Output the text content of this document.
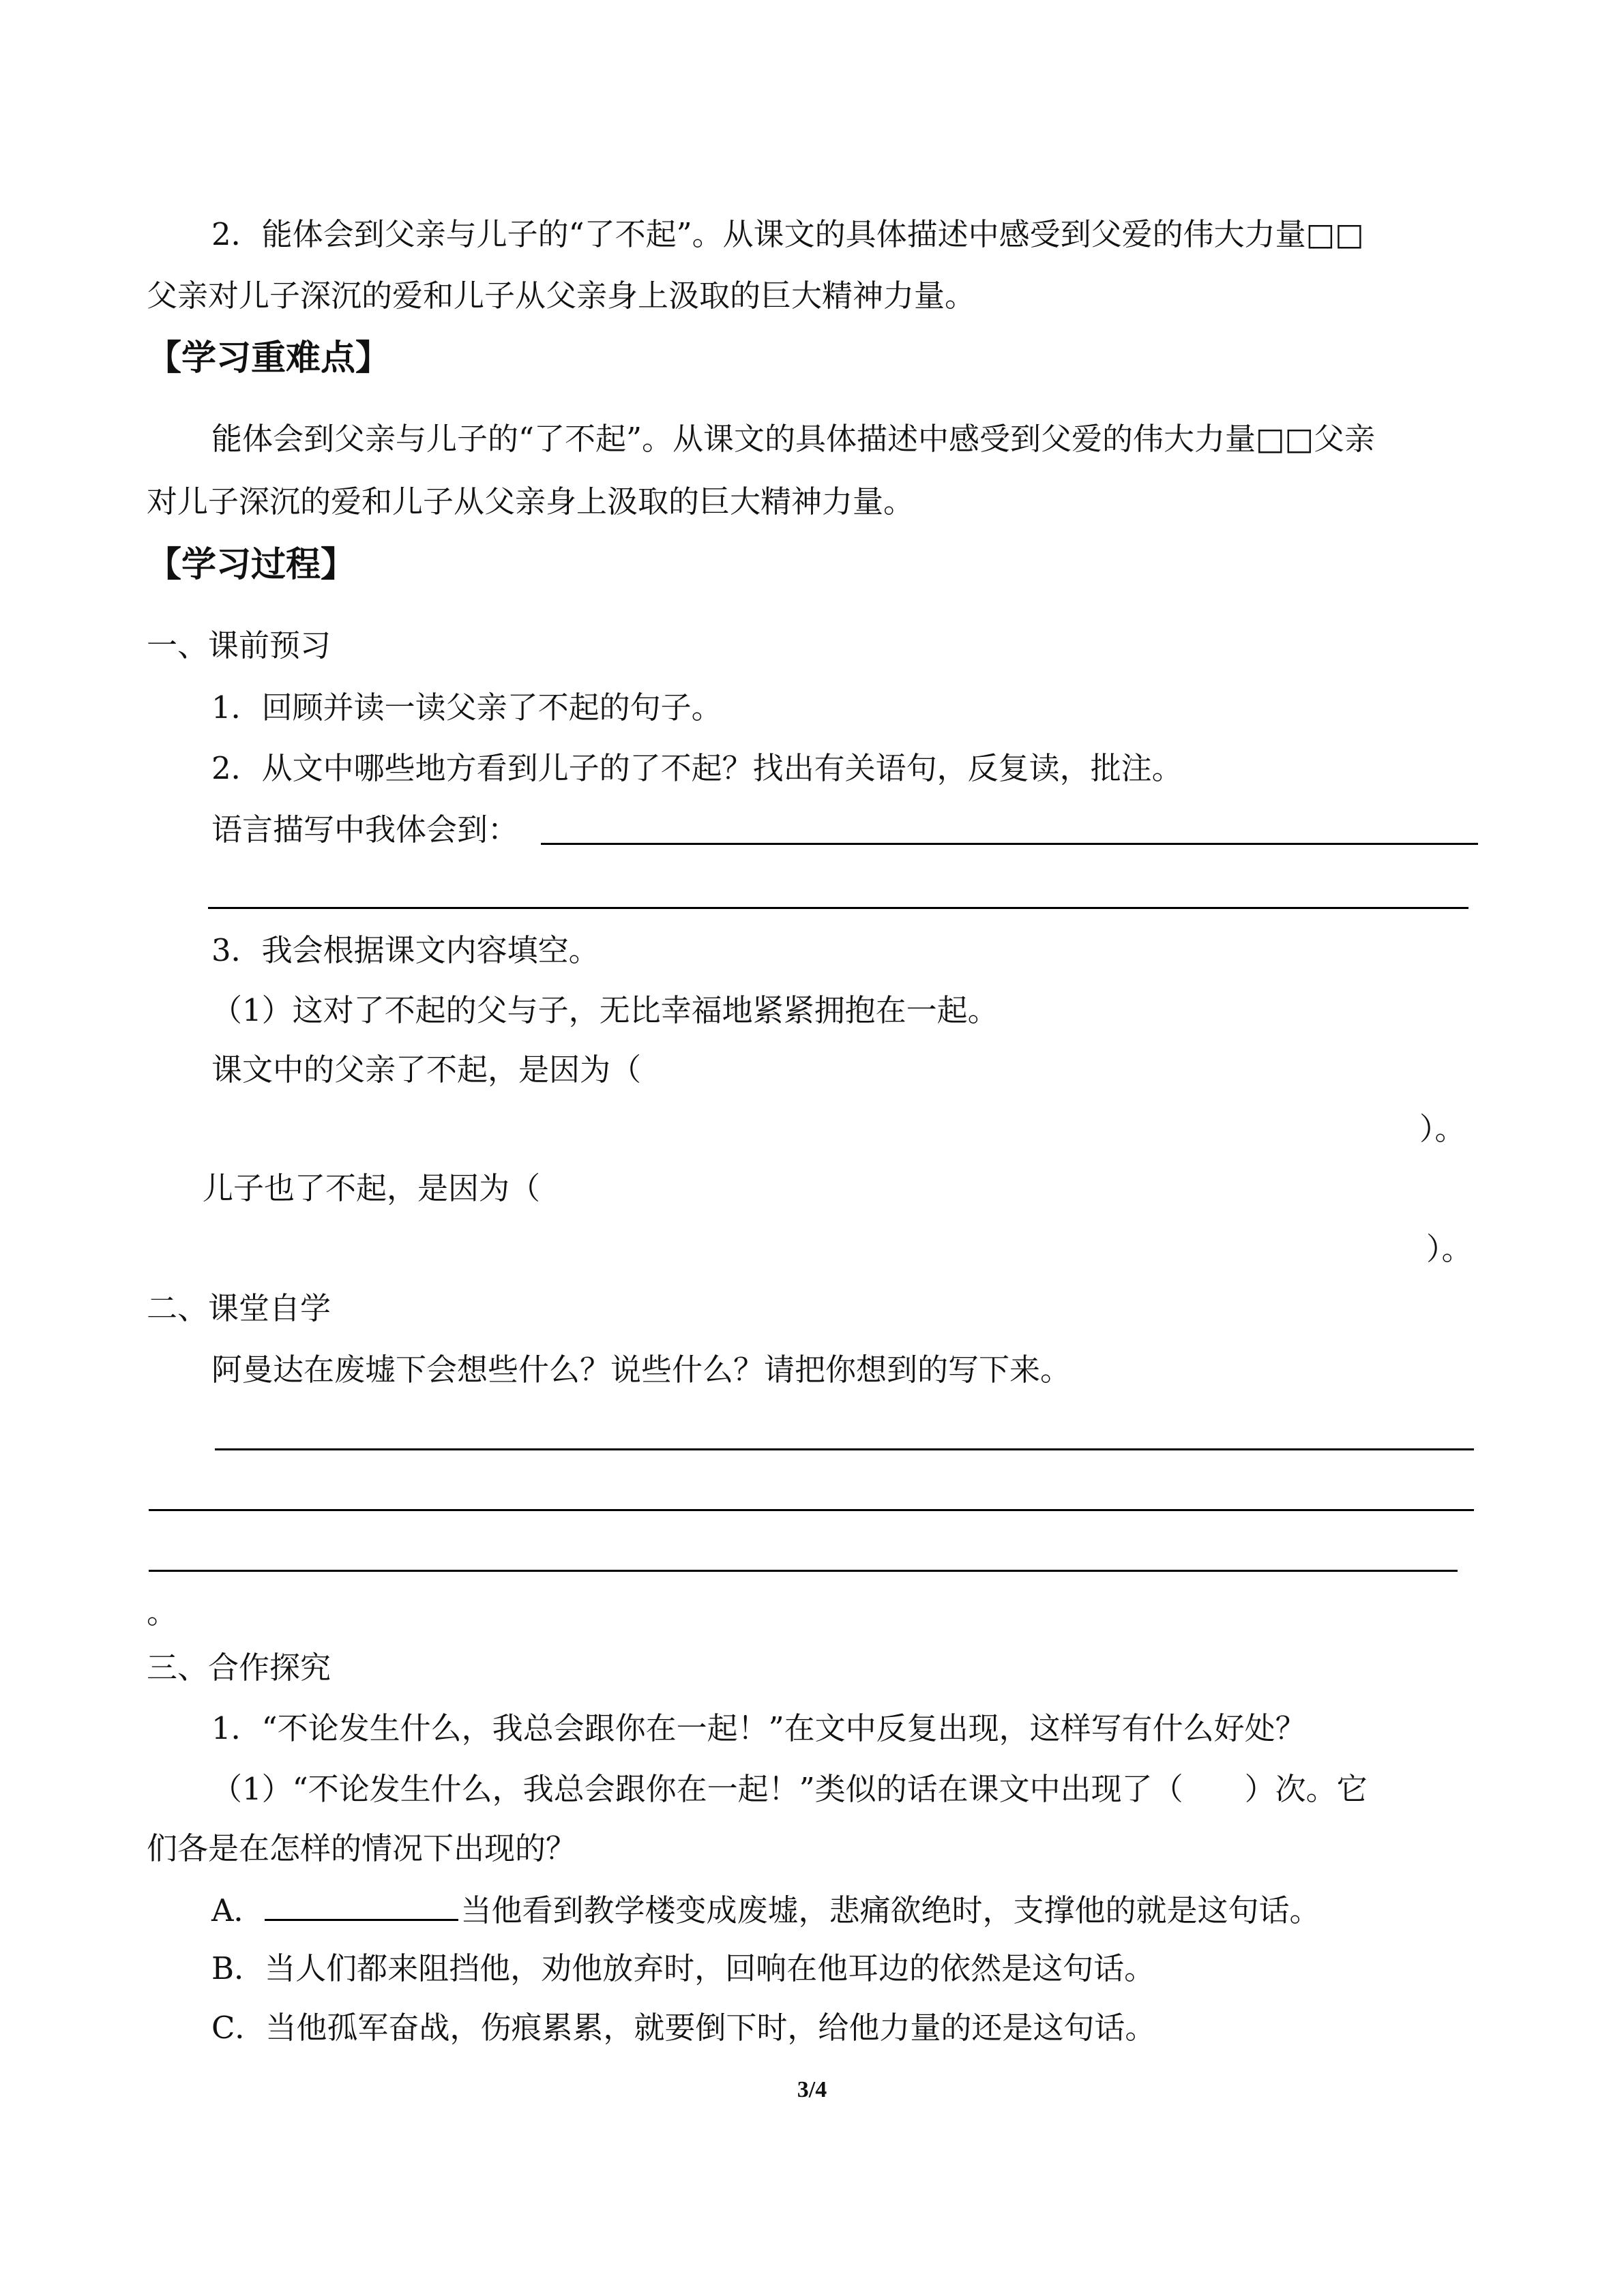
2．能体会到父亲与儿子的“了不起”。从课文的具体描述中感受到父爱的伟大力量□□
父亲对儿子深沉的爱和儿子从父亲身上汲取的巨大精神力量。
【学习重难点】
能体会到父亲与儿子的“了不起”。从课文的具体描述中感受到父爱的伟大力量□□父亲
对儿子深沉的爱和儿子从父亲身上汲取的巨大精神力量。
【学习过程】
一、课前预习
1．回顾并读一读父亲了不起的句子。
2．从文中哪些地方看到儿子的了不起？找出有关语句，反复读，批注。
语言描写中我体会到：
3．我会根据课文内容填空。
（1）这对了不起的父与子，无比幸福地紧紧拥抱在一起。
课文中的父亲了不起，是因为（
）。
儿子也了不起，是因为（
）。
二、课堂自学
阿曼达在废墟下会想些什么？说些什么？请把你想到的写下来。
。
三、合作探究
1．“不论发生什么，我总会跟你在一起！”在文中反复出现，这样写有什么好处？
（1）“不论发生什么，我总会跟你在一起！”类似的话在课文中出现了（　　）次。它
们各是在怎样的情况下出现的？
A．	当他看到教学楼变成废墟，悲痛欲绝时，支撑他的就是这句话。
B．当人们都来阻挡他，劝他放弃时，回响在他耳边的依然是这句话。
C．当他孤军奋战，伤痕累累，就要倒下时，给他力量的还是这句话。
3/4
